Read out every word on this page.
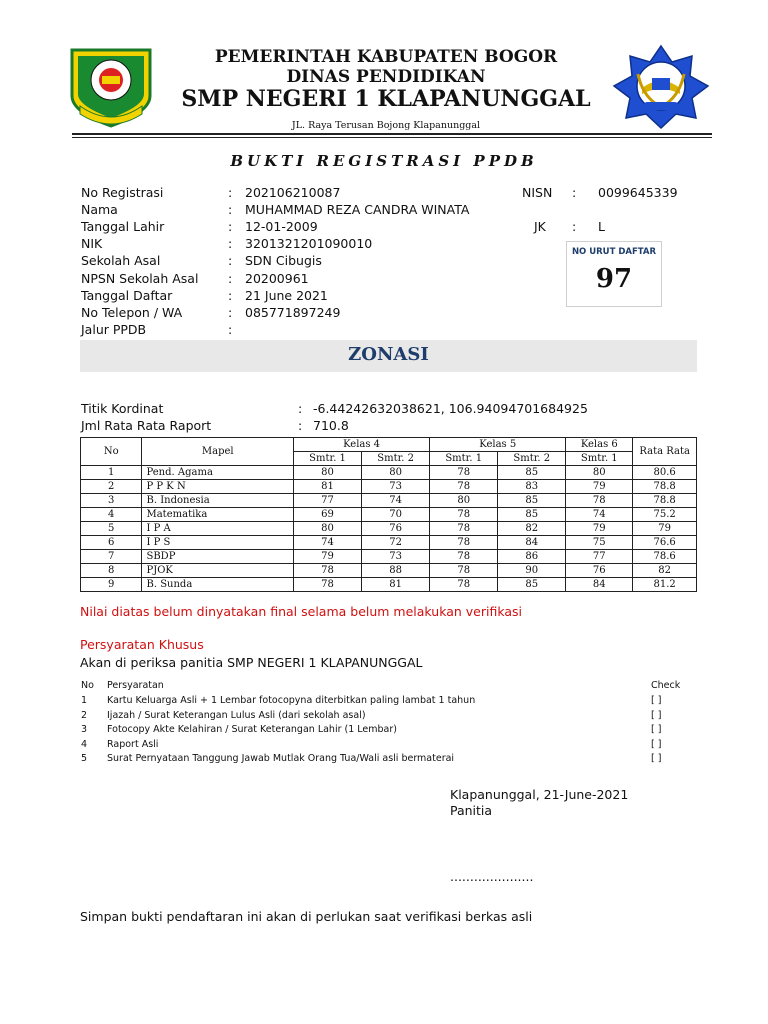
PEMERINTAH KABUPATEN BOGOR
DINAS PENDIDIKAN
SMP NEGERI 1 KLAPANUNGGAL
JL. Raya Terusan Bojong Klapanunggal
BUKTI REGISTRASI PPDB
No Registrasi	: 202106210087
Nama	: MUHAMMAD REZA CANDRA WINATA
Tanggal Lahir	: 12-01-2009
NIK	: 3201321201090010
Sekolah Asal	: SDN Cibugis
NPSN Sekolah Asal : 20200961
Tanggal Daftar	: 21 June 2021
No Telepon / WA	: 085771897249
Jalur PPDB	:
NISN : 0099645339
JK : L
NO URUT DAFTAR
97
ZONASI
Titik Kordinat	: -6.44242632038621, 106.94094701684925
Jml Rata Rata Raport	: 710.8
No	Mapel	Kelas 4		Kelas 5		Kelas 6	Rata Rata
		Smtr. 1	Smtr. 2	Smtr. 1	Smtr. 2	Smtr. 1	
1	Pend. Agama	80	80	78	85	80	80.6
2	P P K N	81	73	78	83	79	78.8
3	B. Indonesia	77	74	80	85	78	78.8
4	Matematika	69	70	78	85	74	75.2
5	I P A	80	76	78	82	79	79
6	I P S	74	72	78	84	75	76.6
7	SBDP	79	73	78	86	77	78.6
8	PJOK	78	88	78	90	76	82
9	B. Sunda	78	81	78	85	84	81.2
Nilai diatas belum dinyatakan final selama belum melakukan verifikasi
Persyaratan Khusus
Akan di periksa panitia SMP NEGERI 1 KLAPANUNGGAL
No Persyaratan	Check
1 Kartu Keluarga Asli + 1 Lembar fotocopyna diterbitkan paling lambat 1 tahun	[ ]
2 Ijazah / Surat Keterangan Lulus Asli (dari sekolah asal)	[ ]
3 Fotocopy Akte Kelahiran / Surat Keterangan Lahir (1 Lembar)	[ ]
4 Raport Asli	[ ]
5 Surat Pernyataan Tanggung Jawab Mutlak Orang Tua/Wali asli bermaterai	[ ]
Klapanunggal, 21-June-2021
Panitia
.....................
Simpan bukti pendaftaran ini akan di perlukan saat verifikasi berkas asli
